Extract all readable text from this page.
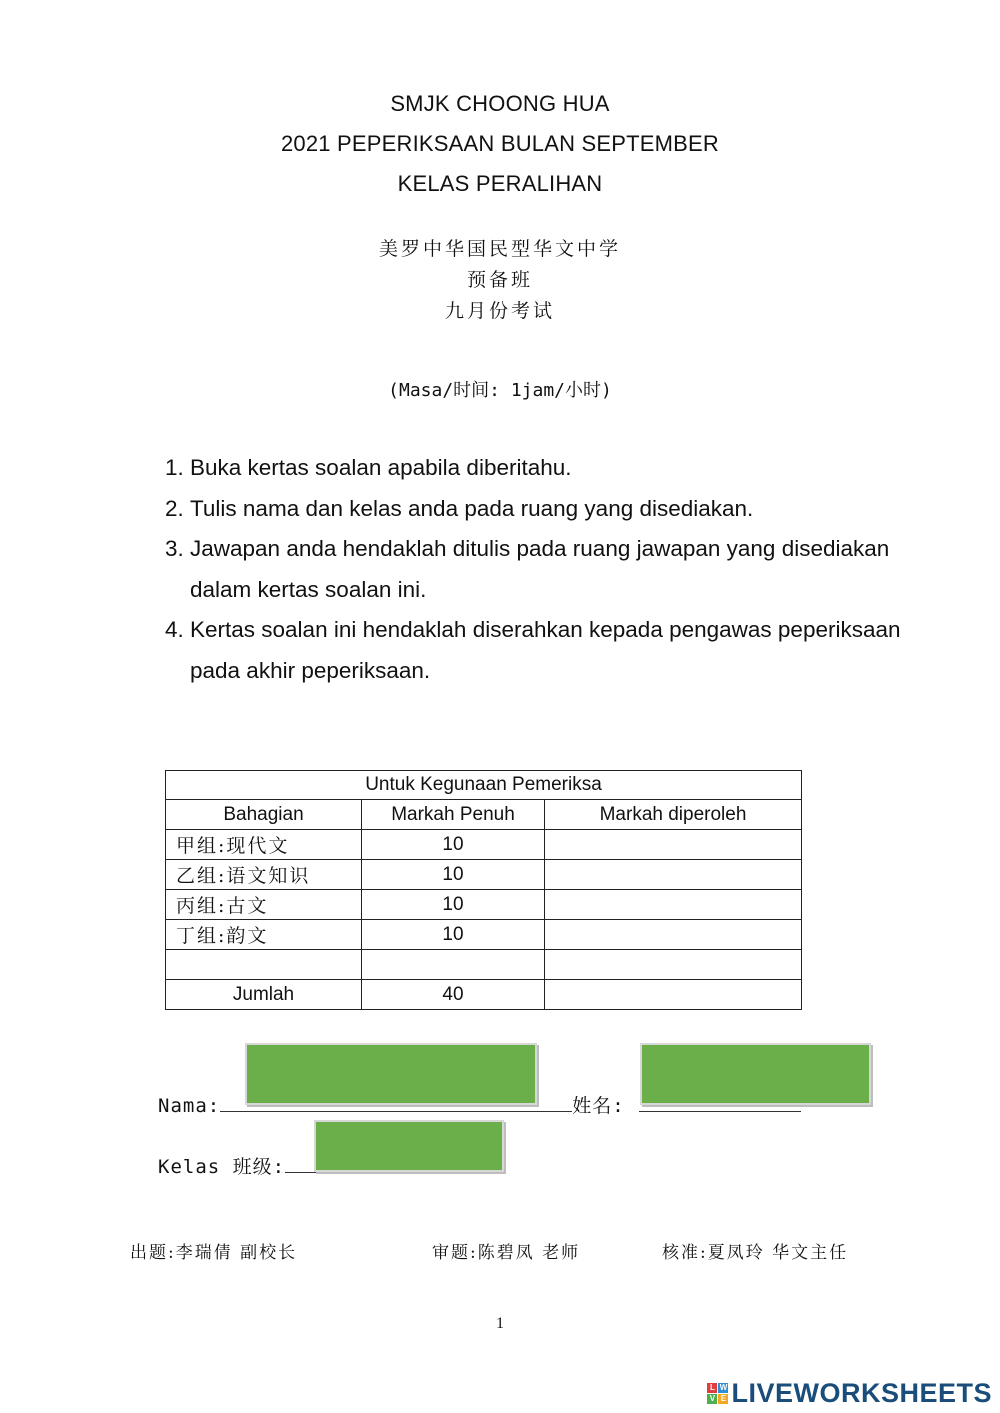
SMJK CHOONG HUA
2021 PEPERIKSAAN BULAN SEPTEMBER
KELAS PERALIHAN
美罗中华国民型华文中学
预备班
九月份考试
(Masa/时间: 1jam/小时)
1. Buka kertas soalan apabila diberitahu.
2. Tulis nama dan kelas anda pada ruang yang disediakan.
3. Jawapan anda hendaklah ditulis pada ruang jawapan yang disediakan dalam kertas soalan ini.
4. Kertas soalan ini hendaklah diserahkan kepada pengawas peperiksaan pada akhir peperiksaan.
Untuk Kegunaan Pemeriksa		
Bahagian	Markah Penuh	Markah diperoleh
甲组:现代文	10	
乙组:语文知识	10	
丙组:古文	10	
丁组:韵文	10	

Jumlah	40	
Nama:	姓名:
Kelas 班级:
出题:李瑞倩 副校长	审题:陈碧凤 老师	核准:夏凤玲 华文主任
1
L W
V E LIVEWORKSHEETS
